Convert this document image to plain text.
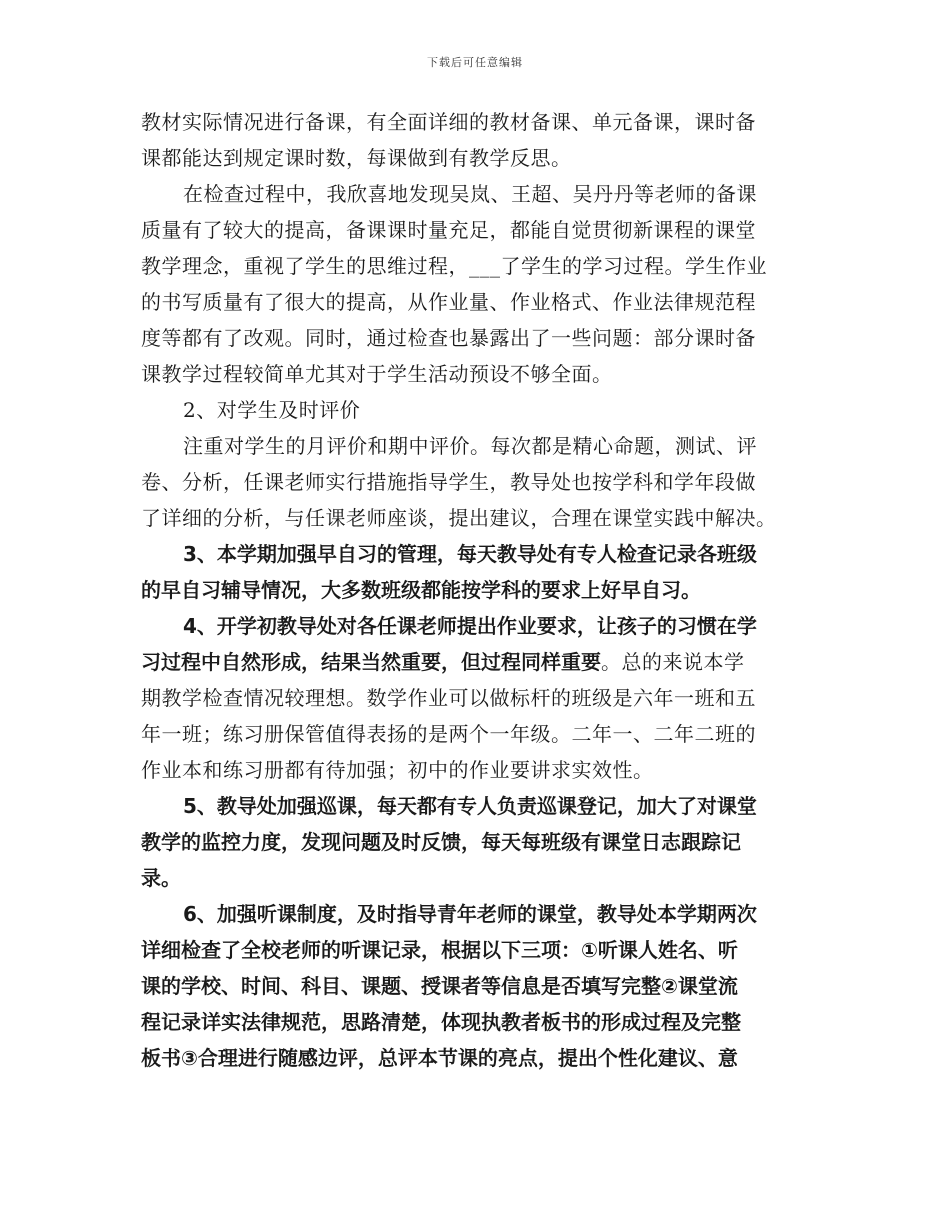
下载后可任意编辑
教材实际情况进行备课，有全面详细的教材备课、单元备课，课时备
课都能达到规定课时数，每课做到有教学反思。
在检查过程中，我欣喜地发现吴岚、王超、吴丹丹等老师的备课
质量有了较大的提高，备课课时量充足，都能自觉贯彻新课程的课堂
教学理念，重视了学生的思维过程，___了学生的学习过程。学生作业
的书写质量有了很大的提高，从作业量、作业格式、作业法律规范程
度等都有了改观。同时，通过检查也暴露出了一些问题：部分课时备
课教学过程较简单尤其对于学生活动预设不够全面。
2、对学生及时评价
注重对学生的月评价和期中评价。每次都是精心命题，测试、评
卷、分析，任课老师实行措施指导学生，教导处也按学科和学年段做
了详细的分析，与任课老师座谈，提出建议，合理在课堂实践中解决。
3、本学期加强早自习的管理，每天教导处有专人检查记录各班级
的早自习辅导情况，大多数班级都能按学科的要求上好早自习。
4、开学初教导处对各任课老师提出作业要求，让孩子的习惯在学
习过程中自然形成，结果当然重要，但过程同样重要。总的来说本学
期教学检查情况较理想。数学作业可以做标杆的班级是六年一班和五
年一班；练习册保管值得表扬的是两个一年级。二年一、二年二班的
作业本和练习册都有待加强；初中的作业要讲求实效性。
5、教导处加强巡课，每天都有专人负责巡课登记，加大了对课堂
教学的监控力度，发现问题及时反馈，每天每班级有课堂日志跟踪记
录。
6、加强听课制度，及时指导青年老师的课堂，教导处本学期两次
详细检查了全校老师的听课记录，根据以下三项：①听课人姓名、听
课的学校、时间、科目、课题、授课者等信息是否填写完整②课堂流
程记录详实法律规范，思路清楚，体现执教者板书的形成过程及完整
板书③合理进行随感边评，总评本节课的亮点，提出个性化建议、意
